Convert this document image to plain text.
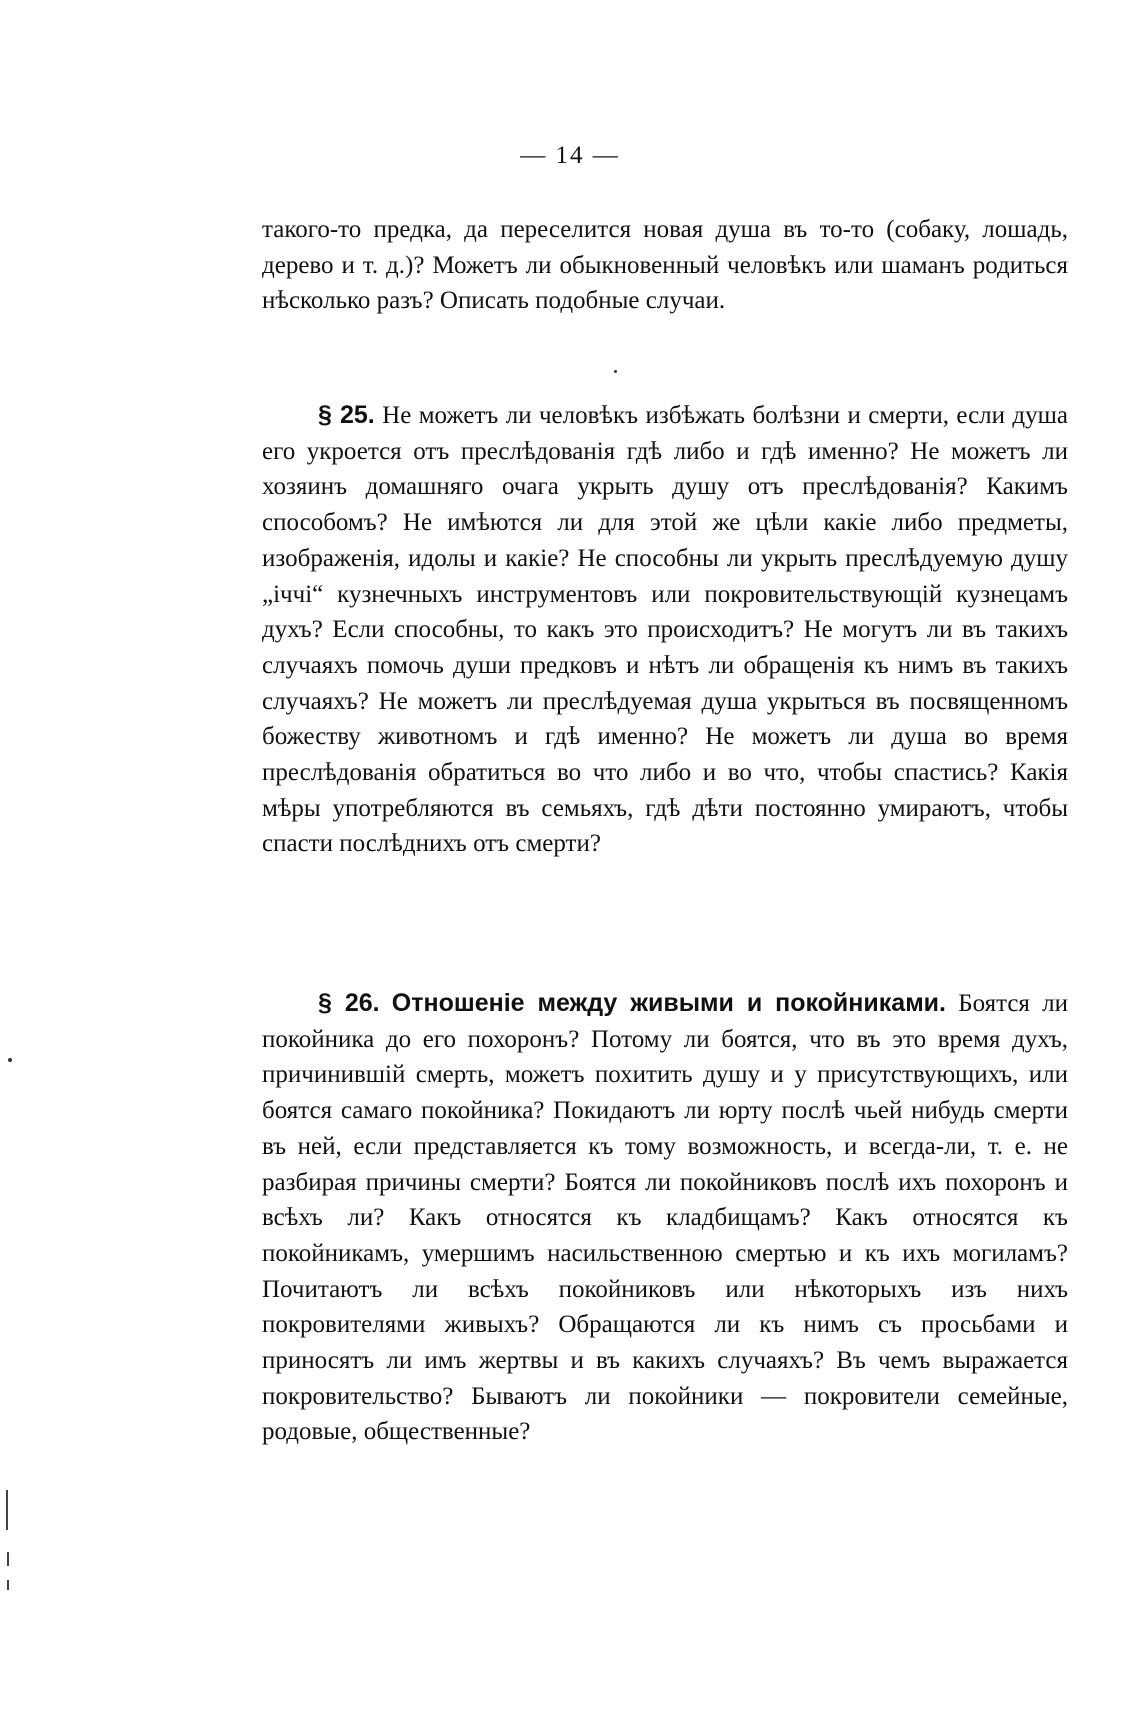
— 14 —
такого-то предка, да переселится новая душа въ то-то (собаку, лошадь, дерево и т. д.)? Можетъ ли обыкновенный человѣкъ или шаманъ родиться нѣсколько разъ? Описать подобные случаи.
§ 25. Не можетъ ли человѣкъ избѣжать болѣзни и смерти, если душа его укроется отъ преслѣдованія гдѣ либо и гдѣ именно? Не можетъ ли хозяинъ домашняго очага укрыть душу отъ преслѣдованія? Какимъ способомъ? Не имѣются ли для этой же цѣли какіе либо предметы, изображенія, идолы и какіе? Не способны ли укрыть преслѣдуемую душу „іччі“ кузнечныхъ инструментовъ или покровительствующій кузнецамъ духъ? Если способны, то какъ это происходитъ? Не могутъ ли въ такихъ случаяхъ помочь души предковъ и нѣтъ ли обращенія къ нимъ въ такихъ случаяхъ? Не можетъ ли преслѣдуемая душа укрыться въ посвященномъ божеству животномъ и гдѣ именно? Не можетъ ли душа во время преслѣдованія обратиться во что либо и во что, чтобы спастись? Какія мѣры употребляются въ семьяхъ, гдѣ дѣти постоянно умираютъ, чтобы спасти послѣднихъ отъ смерти?
§ 26. Отношеніе между живыми и покойниками. Боятся ли покойника до его похоронъ? Потому ли боятся, что въ это время духъ, причинившій смерть, можетъ похитить душу и у присутствующихъ, или боятся самаго покойника? Покидаютъ ли юрту послѣ чьей нибудь смерти въ ней, если представляется къ тому возможность, и всегда-ли, т. е. не разбирая причины смерти? Боятся ли покойниковъ послѣ ихъ похоронъ и всѣхъ ли? Какъ относятся къ кладбищамъ? Какъ относятся къ покойникамъ, умершимъ насильственною смертью и къ ихъ могиламъ? Почитаютъ ли всѣхъ покойниковъ или нѣкоторыхъ изъ нихъ покровителями живыхъ? Обращаются ли къ нимъ съ просьбами и приносятъ ли имъ жертвы и въ какихъ случаяхъ? Въ чемъ выражается покровительство? Бываютъ ли покойники — покровители семейные, родовые, общественные?
